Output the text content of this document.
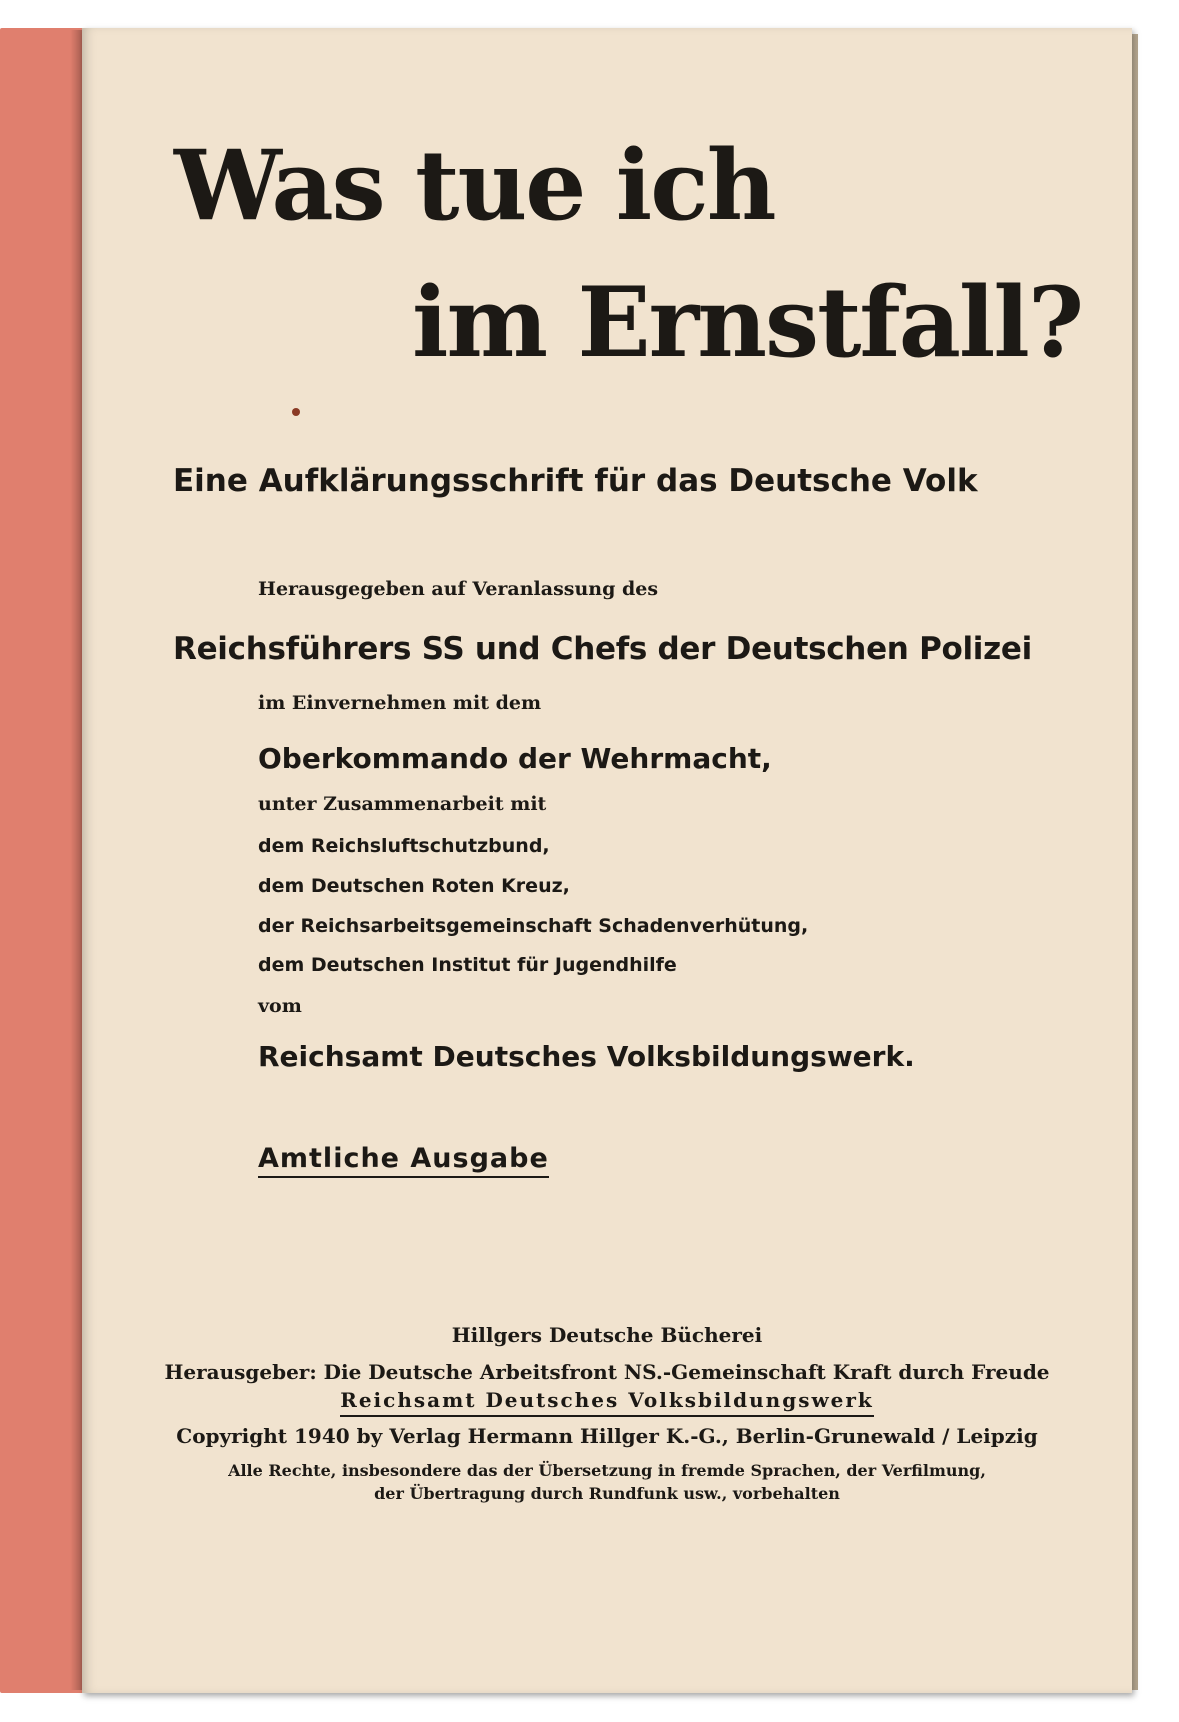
Was tue ich
im Ernstfall?
Eine Aufklärungsschrift für das Deutsche Volk
Herausgegeben auf Veranlassung des
Reichsführers SS und Chefs der Deutschen Polizei
im Einvernehmen mit dem
Oberkommando der Wehrmacht,
unter Zusammenarbeit mit
dem Reichsluftschutzbund,
dem Deutschen Roten Kreuz,
der Reichsarbeitsgemeinschaft Schadenverhütung,
dem Deutschen Institut für Jugendhilfe
vom
Reichsamt Deutsches Volksbildungswerk.
Amtliche Ausgabe
Hillgers Deutsche Bücherei
Herausgeber: Die Deutsche Arbeitsfront NS.-Gemeinschaft Kraft durch Freude
Reichsamt Deutsches Volksbildungswerk
Copyright 1940 by Verlag Hermann Hillger K.-G., Berlin-Grunewald / Leipzig
Alle Rechte, insbesondere das der Übersetzung in fremde Sprachen, der Verfilmung,
der Übertragung durch Rundfunk usw., vorbehalten
